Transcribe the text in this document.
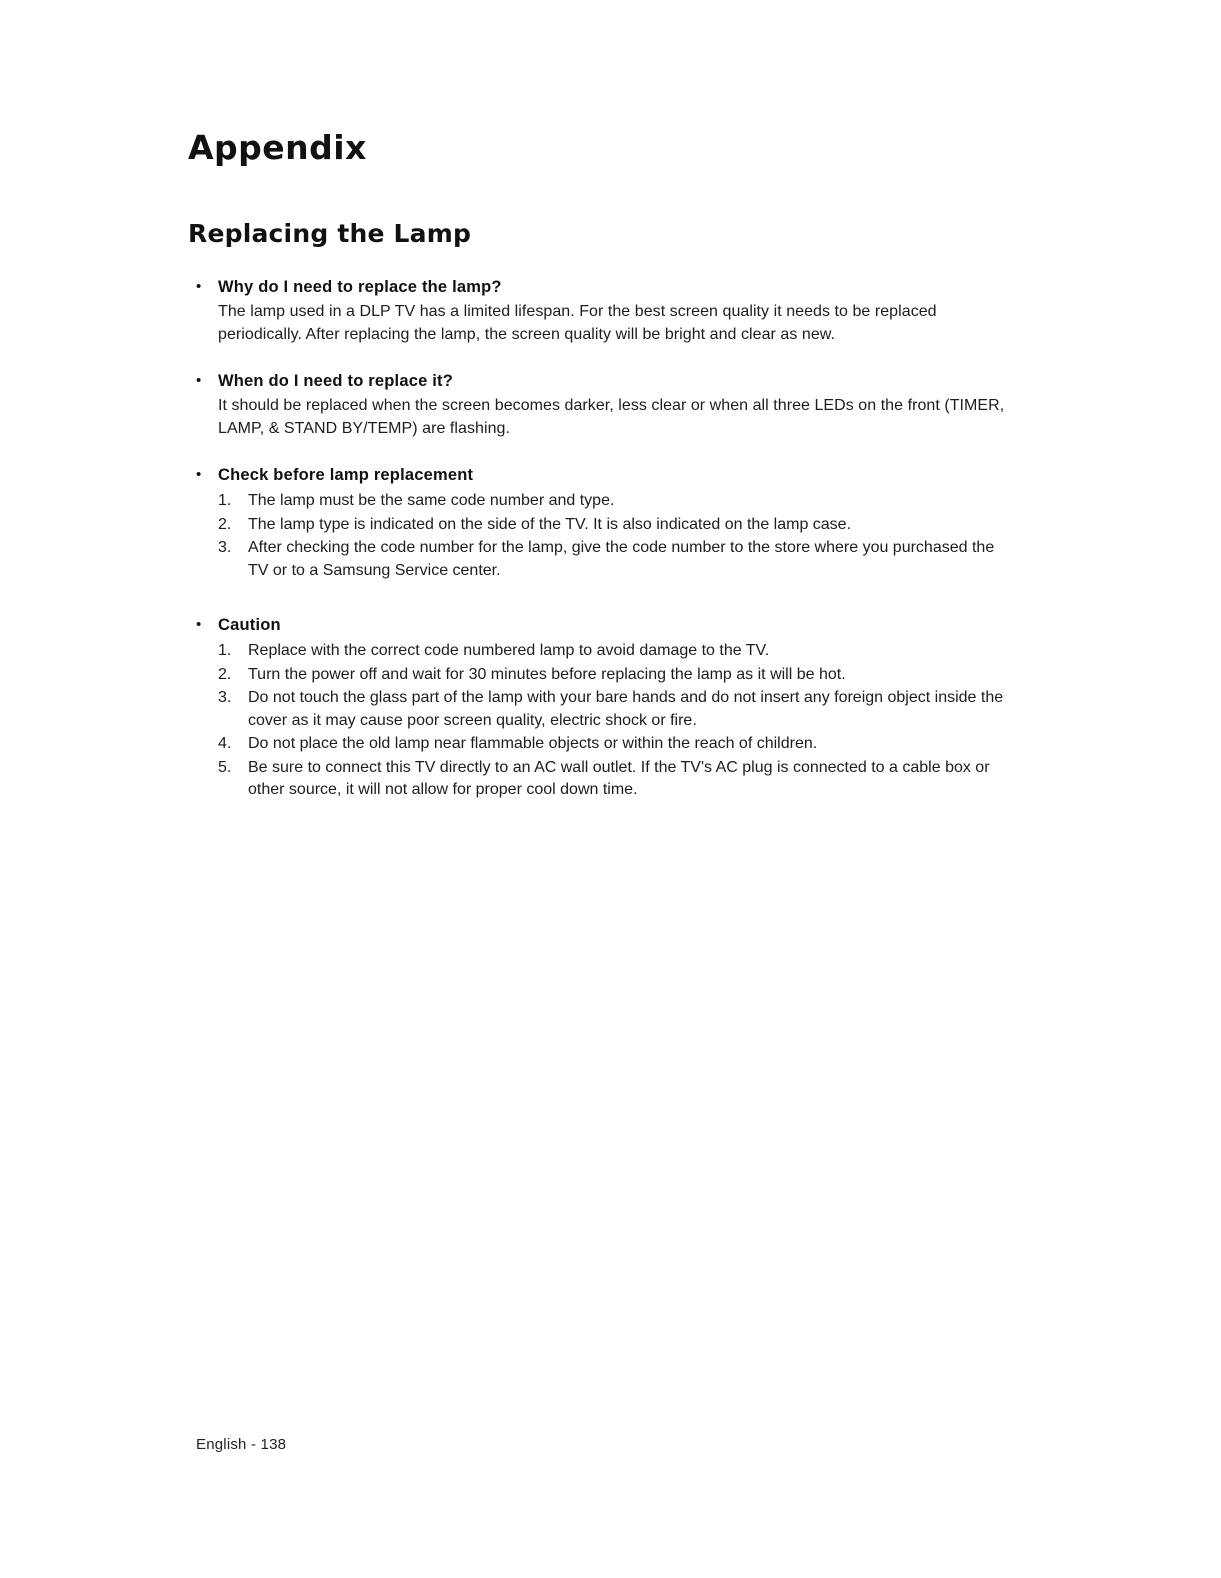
Appendix
Replacing the Lamp
•	Why do I need to replace the lamp?

The lamp used in a DLP TV has a limited lifespan. For the best screen quality it needs to be replaced periodically. After replacing the lamp, the screen quality will be bright and clear as new.

•	When do I need to replace it?

It should be replaced when the screen becomes darker, less clear or when all three LEDs on the front (TIMER, LAMP, & STAND BY/TEMP) are flashing.

•	Check before lamp replacement
1.	The lamp must be the same code number and type.
2.	The lamp type is indicated on the side of the TV. It is also indicated on the lamp case.
3.	After checking the code number for the lamp, give the code number to the store where you purchased the TV or to a Samsung Service center.
•	Caution
1.	Replace with the correct code numbered lamp to avoid damage to the TV.
2.	Turn the power off and wait for 30 minutes before replacing the lamp as it will be hot.
3.	Do not touch the glass part of the lamp with your bare hands and do not insert any foreign object inside the cover as it may cause poor screen quality, electric shock or fire.
4.	Do not place the old lamp near flammable objects or within the reach of children.
5.	Be sure to connect this TV directly to an AC wall outlet. If the TV's AC plug is connected to a cable box or other source, it will not allow for proper cool down time.
English - 138
